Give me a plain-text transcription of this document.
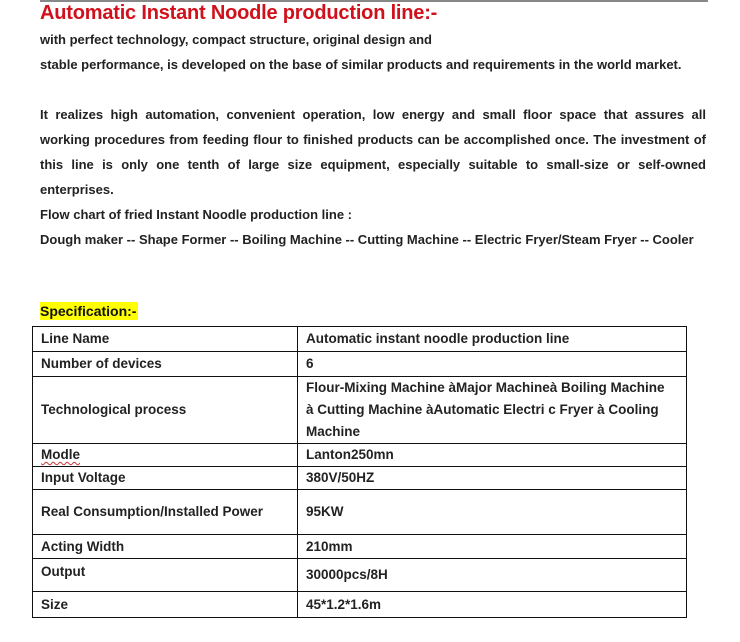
Automatic Instant Noodle production line:-
with perfect technology, compact structure, original design and
stable performance, is developed on the base of similar products and requirements in the world market.
It realizes high automation, convenient operation, low energy and small floor space that assures all working procedures from feeding flour to finished products can be accomplished once. The investment of this line is only one tenth of large size equipment, especially suitable to small-size or self-owned enterprises.
Flow chart of fried Instant Noodle production line :
Dough maker -- Shape Former -- Boiling Machine -- Cutting Machine -- Electric Fryer/Steam Fryer -- Cooler
Specification:-
Line Name	Automatic instant noodle production line
Number of devices	6
Technological process	Flour-Mixing Machine àMajor Machineà Boiling Machine à Cutting Machine àAutomatic Electri c Fryer à Cooling Machine
Modle	Lanton250mn
Input Voltage	380V/50HZ
Real Consumption/Installed Power	95KW
Acting Width	210mm
Output	30000pcs/8H
Size	45*1.2*1.6m
